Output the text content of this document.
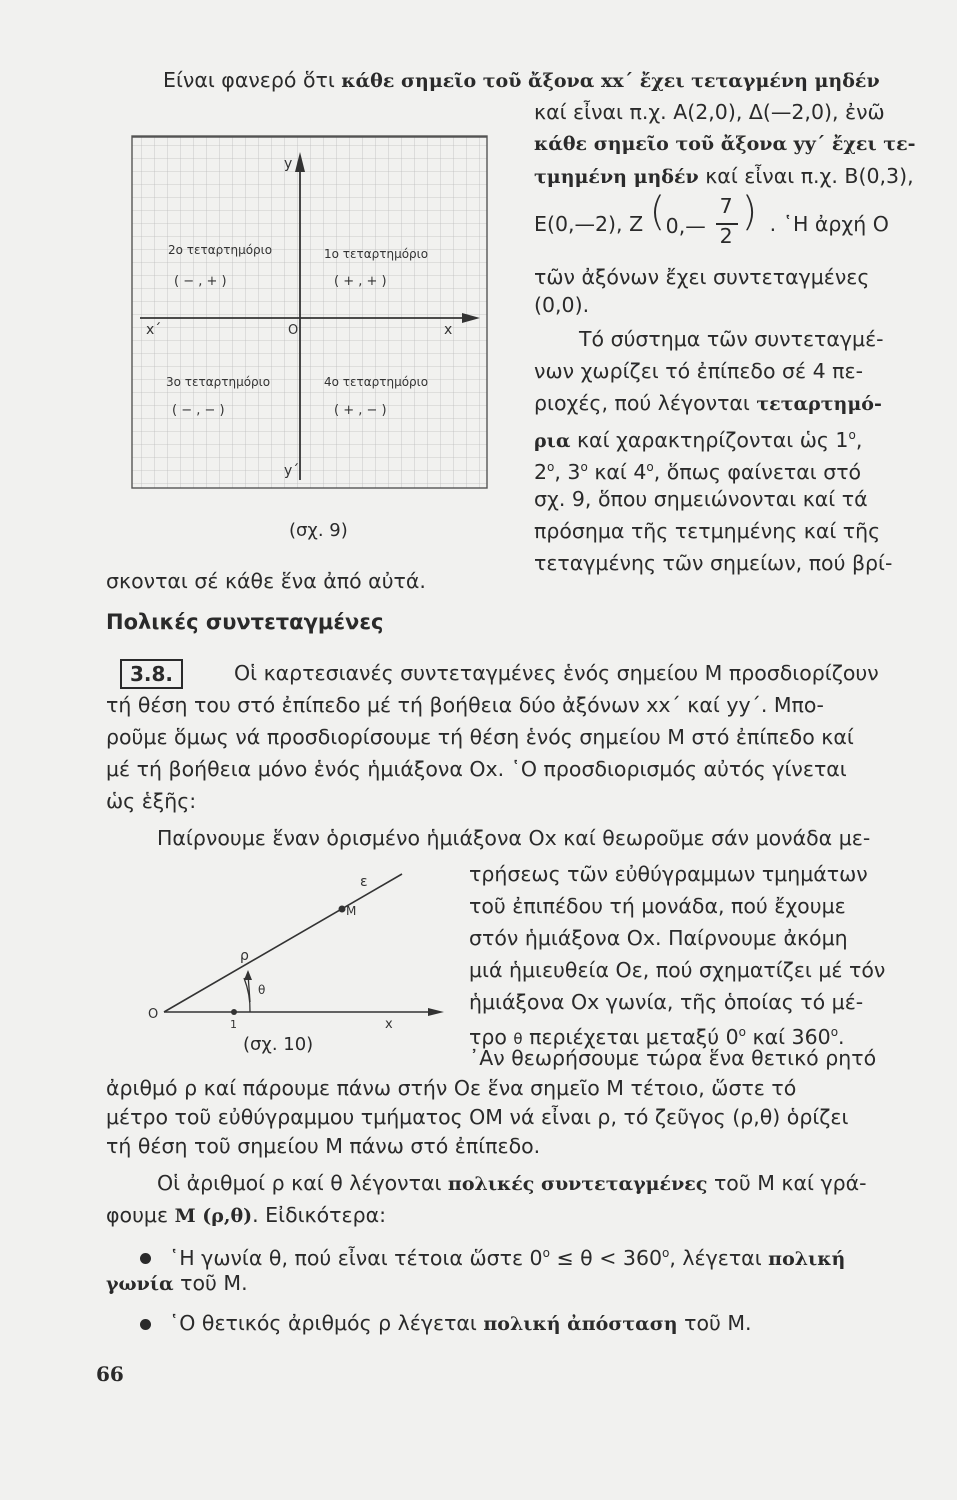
Είναι φανερό ὅτι κάθε σημεῖο τοῦ ἄξονα xx΄ ἔχει τεταγμένη μηδέν
καί εἶναι π.χ. Α(2,0), Δ(—2,0), ἐνῶ
κάθε σημεῖο τοῦ ἄξονα yy΄ ἔχει τε-
τμημένη μηδέν καί εἶναι π.χ. Β(0,3),
Ε(0,—2), Ζ ( 0,—
7
2
) . ῾Η ἀρχή Ο
τῶν ἀξόνων ἔχει συντεταγμένες
(0,0).
Τό σύστημα τῶν συντεταγμέ-
νων χωρίζει τό ἐπίπεδο σέ 4 πε-
ριοχές, πού λέγονται τεταρτημό-
ρια καί χαρακτηρίζονται ὡς $1^o$,
$2^o$, $3^o$ καί $4^o$, ὅπως φαίνεται στό
σχ. 9, ὅπου σημειώνονται καί τά
πρόσημα τῆς τετμημένης καί τῆς
τεταγμένης τῶν σημείων, πού βρί-
σκονται σέ κάθε ἕνα ἀπό αὐτά.
y
y΄
x
x΄	O
2ο τεταρτημόριο
( − , + )
1ο τεταρτημόριο
( + , + )
3ο τεταρτημόριο
( − , − )
4ο τεταρτημόριο
( + , − )
(σχ. 9)
Πολικές συντεταγμένες
3.8.	Οἱ καρτεσιανές συντεταγμένες ἑνός σημείου Μ προσδιορίζουν
τή θέση του στό ἐπίπεδο μέ τή βοήθεια δύο ἀξόνων xx΄ καί yy΄. Μπο-
ροῦμε ὅμως νά προσδιορίσουμε τή θέση ἑνός σημείου Μ στό ἐπίπεδο καί
μέ τή βοήθεια μόνο ἑνός ἡμιάξονα Οx. ῾Ο προσδιορισμός αὐτός γίνεται
ὡς ἑξῆς:
Παίρνουμε ἕναν ὁρισμένο ἡμιάξονα Οx καί θεωροῦμε σάν μονάδα με-
τρήσεως τῶν εὐθύγραμμων τμημάτων
τοῦ ἐπιπέδου τή μονάδα, πού ἔχουμε
στόν ἡμιάξονα Οx. Παίρνουμε ἀκόμη
μιά ἡμιευθεία Οε, πού σχηματίζει μέ τόν
ἡμιάξονα Οx γωνία, τῆς ὁποίας τό μέ-
τρο θ περιέχεται μεταξύ $0^o$ καί $360^o$.
᾽Αν θεωρήσουμε τώρα ἕνα θετικό ρητό
ἀριθμό ρ καί πάρουμε πάνω στήν Οε ἕνα σημεῖο Μ τέτοιο, ὥστε τό
μέτρο τοῦ εὐθύγραμμου τμήματος ΟΜ νά εἶναι ρ, τό ζεῦγος (ρ,θ) ὁρίζει
τή θέση τοῦ σημείου Μ πάνω στό ἐπίπεδο.
Οἱ ἀριθμοί ρ καί θ λέγονται πολικές συντεταγμένες τοῦ Μ καί γρά-
φουμε Μ (ρ,θ). Εἰδικότερα:
῾Η γωνία θ, πού εἶναι τέτοια ὥστε $0^o \le \theta < 360^o$, λέγεται πολική
γωνία τοῦ Μ.
῾Ο θετικός ἀριθμός ρ λέγεται πολική ἀπόσταση τοῦ Μ.
O
x
ε
ρ
M
θ
1
(σχ. 10)
66
